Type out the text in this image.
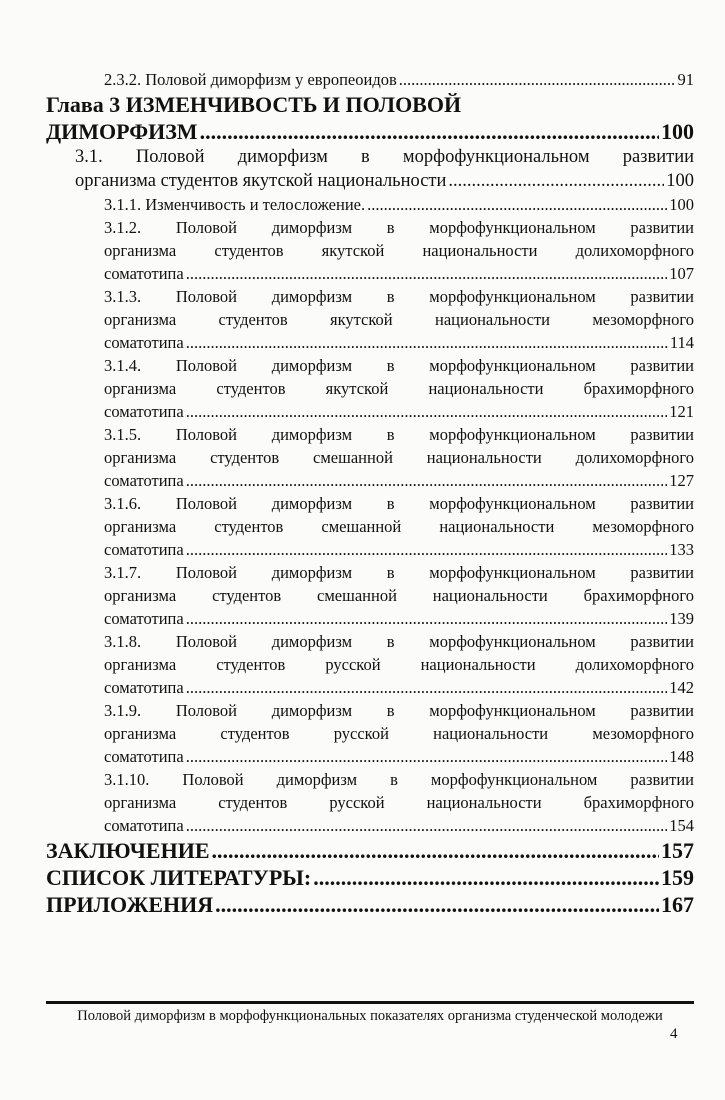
2.3.2. Половой диморфизм у европеоидов .....	91
Глава 3 ИЗМЕНЧИВОСТЬ И ПОЛОВОЙ
ДИМОРФИЗМ .....	100
3.1. Половой диморфизм в морфофункциональном развитии
организма студентов якутской национальности .....	100
3.1.1. Изменчивость и телосложение. .....	100
3.1.2. Половой диморфизм в морфофункциональном развитии
организма студентов якутской национальности долихоморфного
соматотипа .....	107
3.1.3. Половой диморфизм в морфофункциональном развитии
организма студентов якутской национальности мезоморфного
соматотипа .....	114
3.1.4. Половой диморфизм в морфофункциональном развитии
организма студентов якутской национальности брахиморфного
соматотипа .....	121
3.1.5. Половой диморфизм в морфофункциональном развитии
организма студентов смешанной национальности долихоморфного
соматотипа .....	127
3.1.6. Половой диморфизм в морфофункциональном развитии
организма студентов смешанной национальности мезоморфного
соматотипа .....	133
3.1.7. Половой диморфизм в морфофункциональном развитии
организма студентов смешанной национальности брахиморфного
соматотипа .....	139
3.1.8. Половой диморфизм в морфофункциональном развитии
организма студентов русской национальности долихоморфного
соматотипа .....	142
3.1.9. Половой диморфизм в морфофункциональном развитии
организма студентов русской национальности мезоморфного
соматотипа .....	148
3.1.10. Половой диморфизм в морфофункциональном развитии
организма студентов русской национальности брахиморфного
соматотипа .....	154
ЗАКЛЮЧЕНИЕ .....	157
СПИСОК ЛИТЕРАТУРЫ: .....	159
ПРИЛОЖЕНИЯ .....	167
Половой диморфизм в морфофункциональных показателях организма студенческой молодежи
4
